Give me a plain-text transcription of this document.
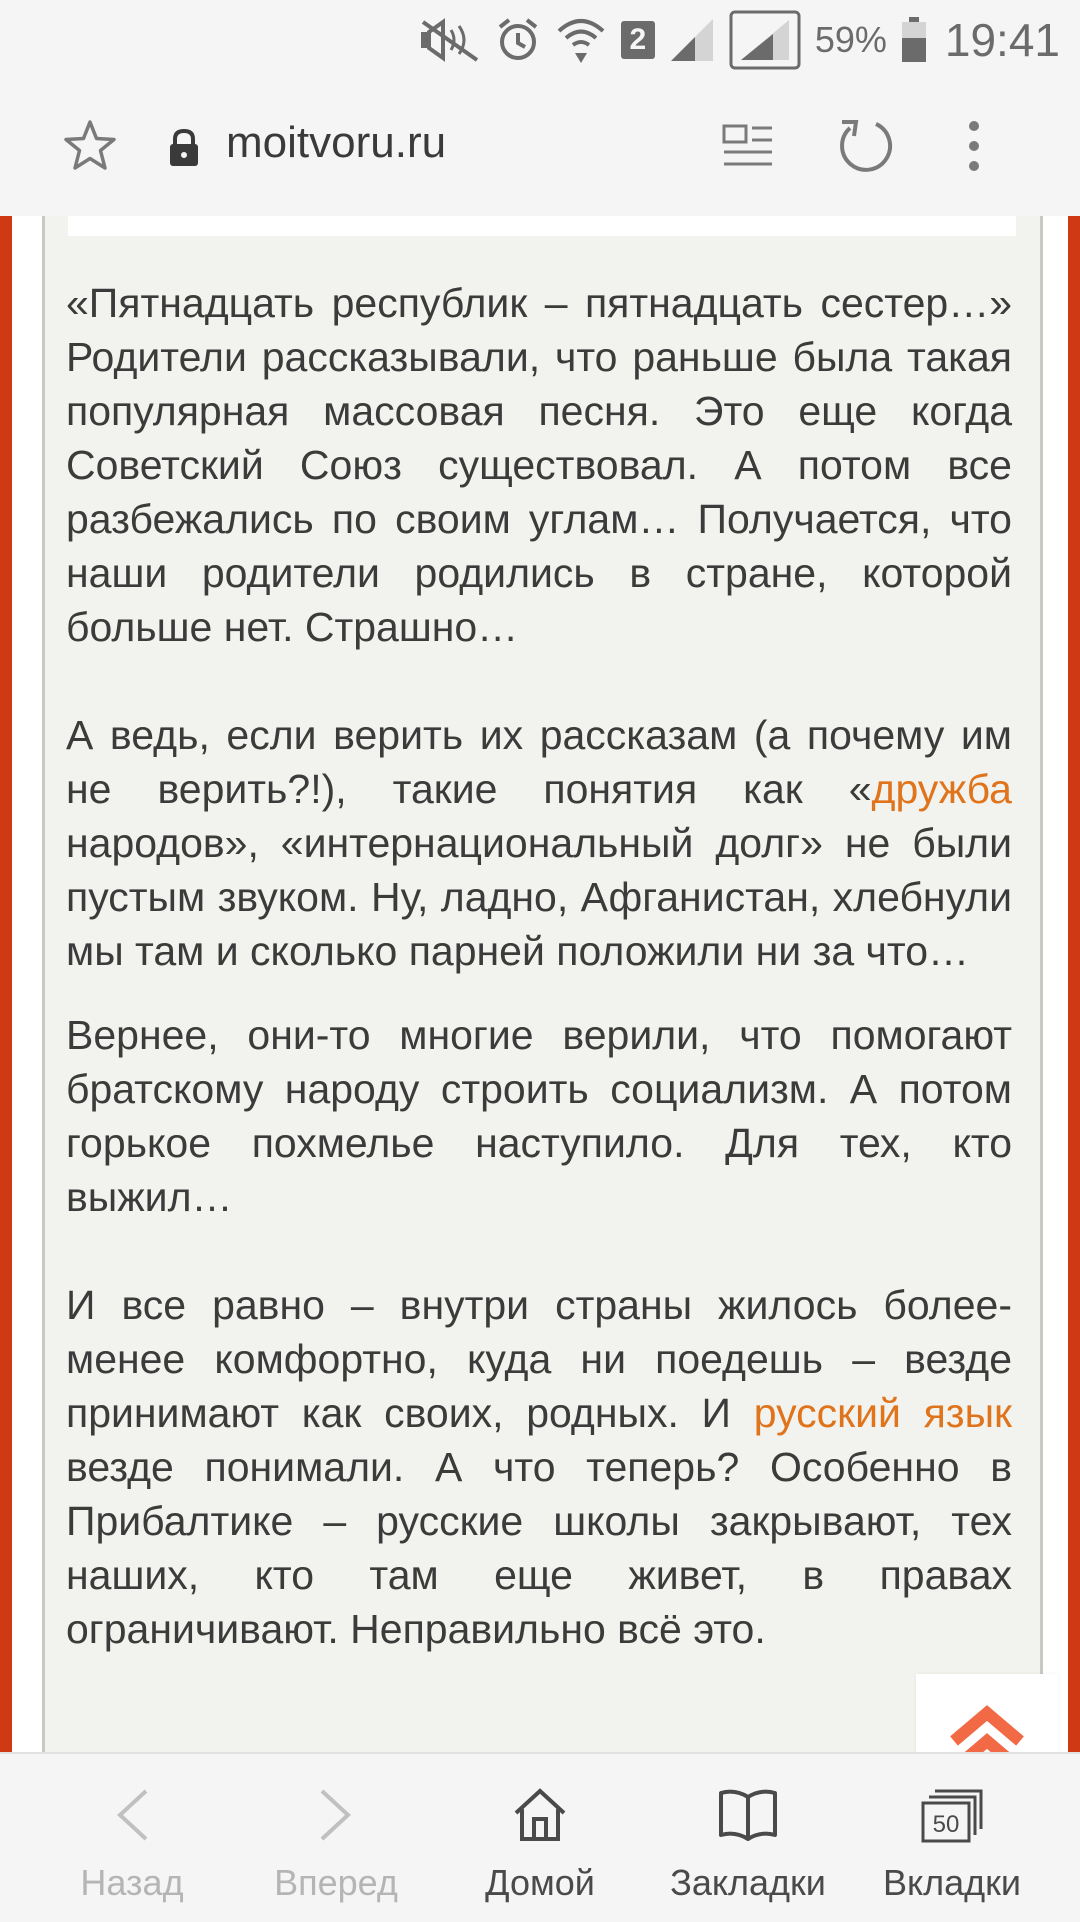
2	59% 19:41
moitvoru.ru

«Пятнадцать республик – пятнадцать сестер…» Родители рассказывали, что раньше была такая популярная массовая песня. Это еще когда Советский Союз существовал. А потом все разбежались по своим углам… Получается, что наши родители родились в стране, которой больше нет. Страшно…

А ведь, если верить их рассказам (а почему им не верить?!), такие понятия как «дружба народов», «интернациональный долг» не были пустым звуком. Ну, ладно, Афганистан, хлебнули мы там и сколько парней положили ни за что…

Вернее, они-то многие верили, что помогают братскому народу строить социализм. А потом горькое похмелье наступило. Для тех, кто выжил…

И все равно – внутри страны жилось более-менее комфортно, куда ни поедешь – везде принимают как своих, родных. И русский язык везде понимали. А что теперь? Особенно в Прибалтике – русские школы закрывают, тех наших, кто там еще живет, в правах ограничивают. Неправильно всё это.

Назад	Вперед Домой Закладки
50
Вкладки
